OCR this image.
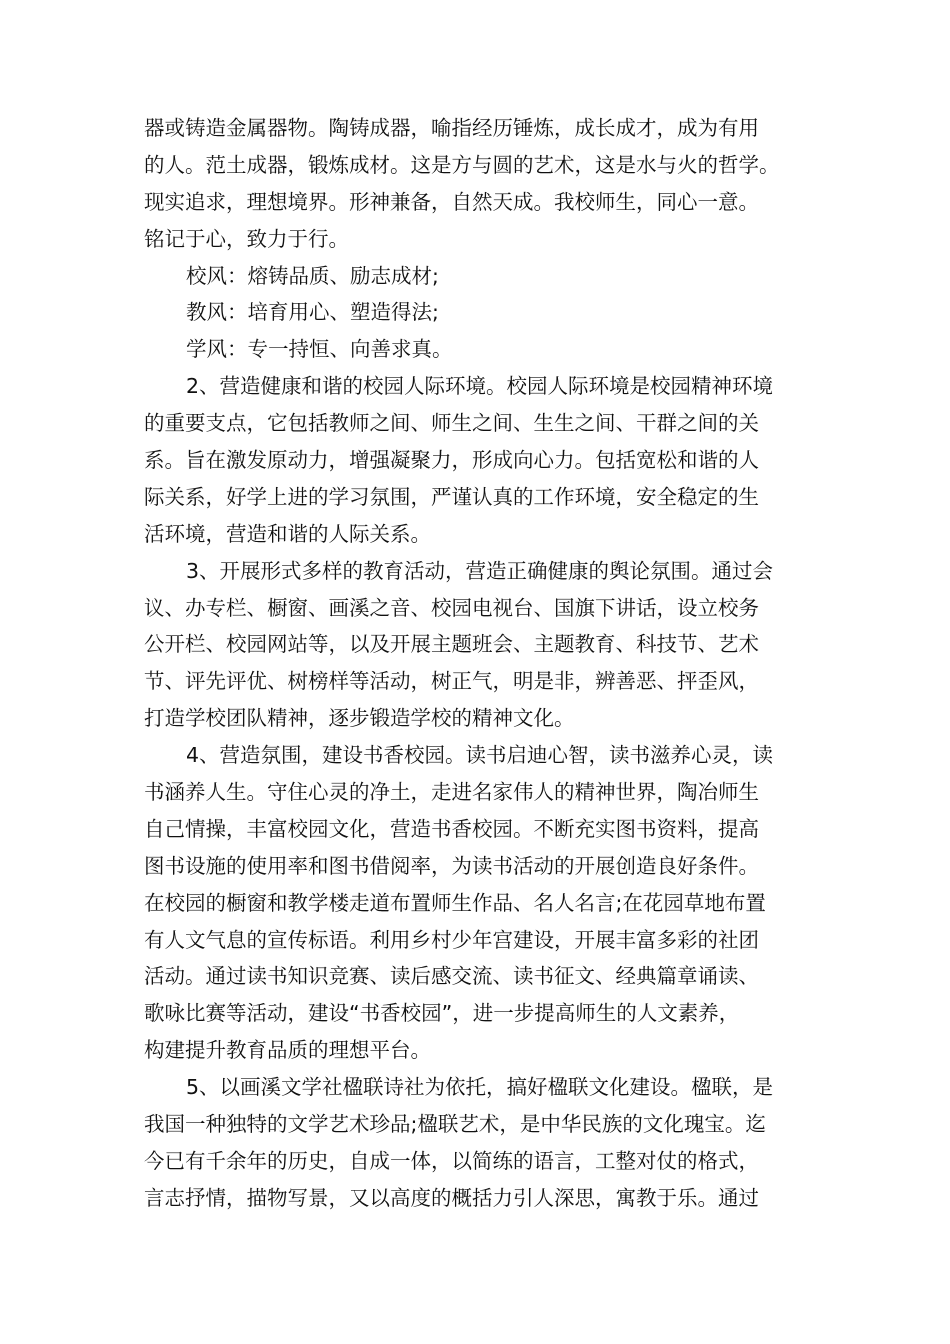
器或铸造金属器物。陶铸成器，喻指经历锤炼，成长成才，成为有用
的人。范土成器，锻炼成材。这是方与圆的艺术，这是水与火的哲学。
现实追求，理想境界。形神兼备，自然天成。我校师生，同心一意。
铭记于心，致力于行。
校风：熔铸品质、励志成材;
教风：培育用心、塑造得法;
学风：专一持恒、向善求真。
2、营造健康和谐的校园人际环境。校园人际环境是校园精神环境
的重要支点，它包括教师之间、师生之间、生生之间、干群之间的关
系。旨在激发原动力，增强凝聚力，形成向心力。包括宽松和谐的人
际关系，好学上进的学习氛围，严谨认真的工作环境，安全稳定的生
活环境，营造和谐的人际关系。
3、开展形式多样的教育活动，营造正确健康的舆论氛围。通过会
议、办专栏、橱窗、画溪之音、校园电视台、国旗下讲话，设立校务
公开栏、校园网站等，以及开展主题班会、主题教育、科技节、艺术
节、评先评优、树榜样等活动，树正气，明是非，辨善恶、抨歪风，
打造学校团队精神，逐步锻造学校的精神文化。
4、营造氛围，建设书香校园。读书启迪心智，读书滋养心灵，读
书涵养人生。守住心灵的净土，走进名家伟人的精神世界，陶冶师生
自己情操，丰富校园文化，营造书香校园。不断充实图书资料，提高
图书设施的使用率和图书借阅率，为读书活动的开展创造良好条件。
在校园的橱窗和教学楼走道布置师生作品、名人名言;在花园草地布置
有人文气息的宣传标语。利用乡村少年宫建设，开展丰富多彩的社团
活动。通过读书知识竞赛、读后感交流、读书征文、经典篇章诵读、
歌咏比赛等活动，建设“书香校园”，进一步提高师生的人文素养，
构建提升教育品质的理想平台。
5、以画溪文学社楹联诗社为依托，搞好楹联文化建设。楹联，是
我国一种独特的文学艺术珍品;楹联艺术，是中华民族的文化瑰宝。迄
今已有千余年的历史，自成一体，以简练的语言，工整对仗的格式，
言志抒情，描物写景，又以高度的概括力引人深思，寓教于乐。通过
